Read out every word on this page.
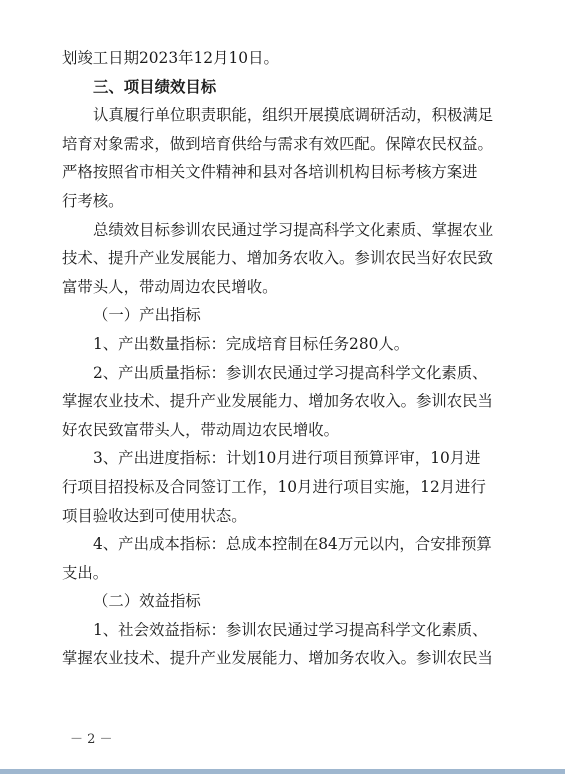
划竣工日期2023年12月10日。

三、项目绩效目标

认真履行单位职责职能，组织开展摸底调研活动，积极满足

培育对象需求，做到培育供给与需求有效匹配。保障农民权益。

严格按照省市相关文件精神和县对各培训机构目标考核方案进

行考核。

总绩效目标参训农民通过学习提高科学文化素质、掌握农业

技术、提升产业发展能力、增加务农收入。参训农民当好农民致

富带头人，带动周边农民增收。

（一）产出指标

1、产出数量指标：完成培育目标任务280人。

2、产出质量指标：参训农民通过学习提高科学文化素质、

掌握农业技术、提升产业发展能力、增加务农收入。参训农民当

好农民致富带头人，带动周边农民增收。

3、产出进度指标：计划10月进行项目预算评审，10月进

行项目招投标及合同签订工作，10月进行项目实施，12月进行

项目验收达到可使用状态。

4、产出成本指标：总成本控制在84万元以内，合安排预算

支出。

（二）效益指标

1、社会效益指标：参训农民通过学习提高科学文化素质、

掌握农业技术、提升产业发展能力、增加务农收入。参训农民当

－ 2 －
